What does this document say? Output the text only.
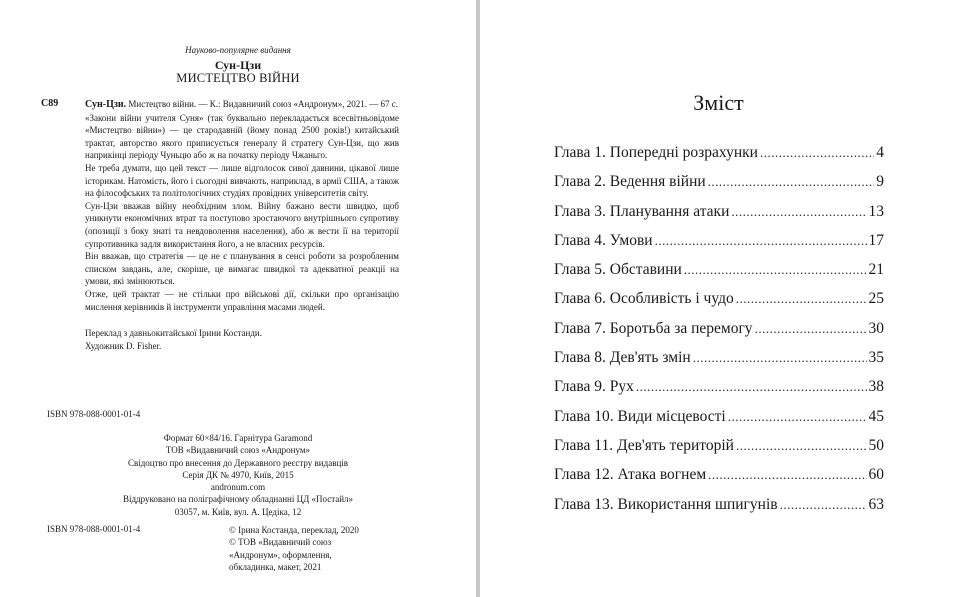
Науково-популярне видання
Сун-Цзи
МИСТЕЦТВО ВІЙНИ
С89	Сун-Цзи. Мистецтво війни. — К.: Видавничий союз «Андронум», 2021. — 67 с.

«Закони війни учителя Суня» (так буквально перекладається всесвітньовідоме «Мистецтво війни») — це стародавній (йому понад 2500 років!) китайський трактат, авторство якого приписується генералу й стратегу Сун-Цзи, що жив наприкінці періоду Чуньцю або ж на початку періоду Чжаньго.

Не треба думати, що цей текст — лише відголосок сивої давнини, цікавої лише історикам. Натомість, його і сьогодні вивчають, наприклад, в армії США, а також на філософських та політологічних студіях провідних університетів світу.

Сун-Цзи вважав війну необхідним злом. Війну бажано вести швидко, щоб уникнути економічних втрат та поступово зростаючого внутрішнього супротиву (опозиції з боку знаті та невдоволення населення), або ж вести її на території супротивника задля використання його, а не власних ресурсів.

Він вважав, що стратегія — це не є планування в сенсі роботи за розробленим списком завдань, але, скоріше, це вимагає швидкої та адекватної реакції на умови, які змінюються.

Отже, цей трактат — не стільки про військові дії, скільки про організацію мислення керівників й інструменти управління масами людей.

Переклад з давньокитайської Ірини Костанди.

Художник D. Fisher.

ISBN 978-088-0001-01-4
Формат 60×84/16. Гарнітура Garamond
ТОВ «Видавничий союз «Андронум»
Свідоцтво про внесення до Державного реєстру видавців
Серія ДК № 4970, Київ, 2015
andronum.com
Віддруковано на поліграфічному обладнанні ЦД «Постайл»
03057, м. Київ, вул. А. Цедіка, 12
ISBN 978-088-0001-01-4	© Ірина Костанда, переклад, 2020
© ТОВ «Видавничий союз «Андронум», оформлення, обкладинка, макет, 2021
Зміст
Глава 1. Попередні розрахунки .....	4
Глава 2. Ведення війни .....	9
Глава 3. Планування атаки .....	13
Глава 4. Умови .....	17
Глава 5. Обставини .....	21
Глава 6. Особливість і чудо .....	25
Глава 7. Боротьба за перемогу .....	30
Глава 8. Дев'ять змін .....	35
Глава 9. Рух .....	38
Глава 10. Види місцевості .....	45
Глава 11. Дев'ять територій .....	50
Глава 12. Атака вогнем .....	60
Глава 13. Використання шпигунів .....	63
